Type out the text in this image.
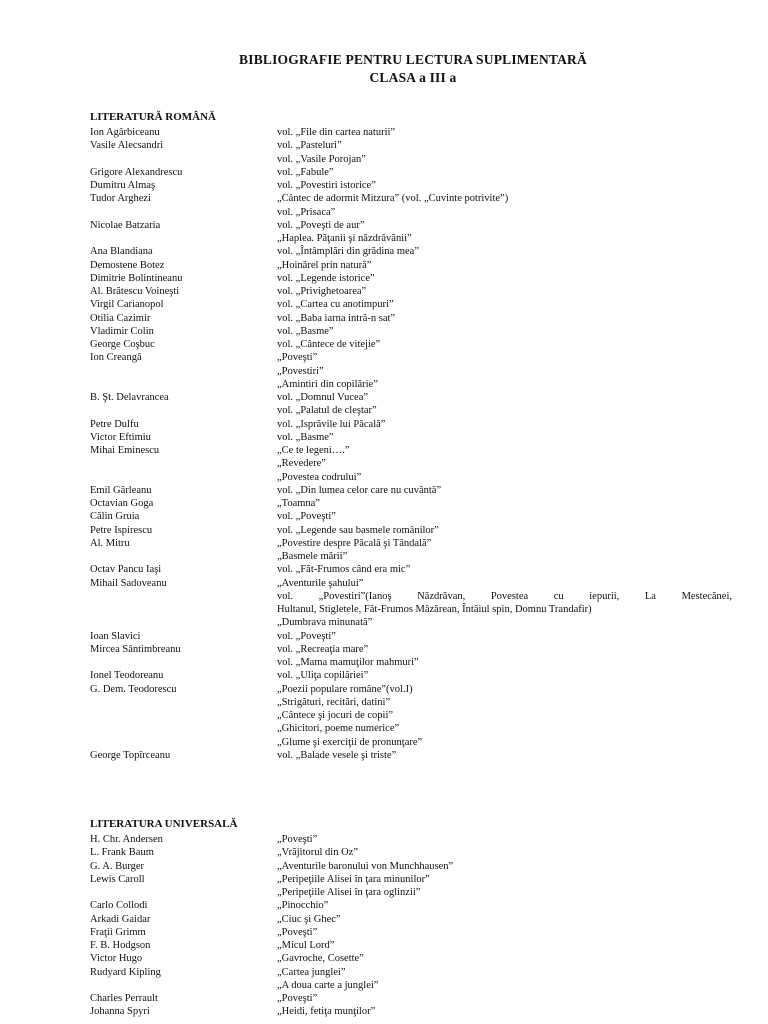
BIBLIOGRAFIE PENTRU LECTURA SUPLIMENTARĂ
CLASA a III a
LITERATURĂ ROMÂNĂ
Ion Agârbiceanu	vol. „File din cartea naturii”
Vasile Alecsandri	vol. „Pasteluri”
vol. „Vasile Porojan”
Grigore Alexandrescu	vol. „Fabule”
Dumitru Almaş	vol. „Povestiri istorice”
Tudor Arghezi	„Cântec de adormit Mitzura” (vol. „Cuvinte potrivite”)
vol. „Prisaca”
Nicolae Batzaria	vol. „Poveşti de aur”
„Haplea. Păţanii şi năzdrăvănii”
Ana Blandiana	vol. „Întâmplări din grădina mea”
Demostene Botez	„Hoinărel prin natură”
Dimitrie Bolintineanu	vol. „Legende istorice”
Al. Brătescu Voineşti	vol. „Privighetoarea”
Virgil Carianopol	vol. „Cartea cu anotimpuri”
Otilia Cazimir	vol. „Baba iarna intră-n sat”
Vladimir Colin	vol. „Basme”
George Coşbuc	vol. „Cântece de vitejie”
Ion Creangă	„Poveşti”
„Povestiri”
„Amintiri din copilărie”
B. Şt. Delavrancea	vol. „Domnul Vucea”
vol. „Palatul de cleştar”
Petre Dulfu	vol. „Isprăvile lui Păcală”
Victor Eftimiu	vol. „Basme”
Mihai Eminescu	„Ce te legeni….”
„Revedere”
„Povestea codrului”
Emil Gârleanu	vol. „Din lumea celor care nu cuvântă”
Octavian Goga	„Toamna”
Călin Gruia	vol. „Poveşti”
Petre Ispirescu	vol. „Legende sau basmele românilor”
Al. Mitru	„Povestire despre Păcală şi Tândală”
„Basmele mării”
Octav Pancu Iaşi	vol. „Făt-Frumos când era mic”
Mihail Sadoveanu	„Aventurile şahului”
vol. „Povestiri”(Ianoş Năzdrăvan, Povestea cu iepurii, La Mestecănei,
Hultanul, Stigletele, Făt-Frumos Mâzărean, Întâiul spin, Domnu Trandafir)
„Dumbrava minunată”
Ioan Slavici	vol. „Poveşti”
Mircea Sântimbreanu	vol. „Recreaţia mare”
vol. „Mama mamuţilor mahmuri”
Ionel Teodoreanu	vol. „Uliţa copilăriei”
G. Dem. Teodorescu	„Poezii populare române”(vol.I)
„Strigături, recitări, datini”
„Cântece şi jocuri de copii”
„Ghicitori, poeme numerice”
„Glume şi exerciţii de pronunţare”
George Topîrceanu	vol. „Balade vesele şi triste”
LITERATURA UNIVERSALĂ
H. Chr. Andersen	„Poveşti”
L. Frank Baum	„Vrăjitorul din Oz”
G. A. Burger	„Aventurile baronului von Munchhausen”
Lewis Caroll	„Peripeţiile Alisei în ţara minunilor”
„Peripeţiile Alisei în ţara oglinzii”
Carlo Collodi	„Pinocchio”
Arkadi Gaidar	„Ciuc şi Ghec”
Fraţii Grimm	„Poveşti”
F. B. Hodgson	„Micul Lord”
Victor Hugo	„Gavroche, Cosette”
Rudyard Kipling	„Cartea junglei”
„A doua carte a junglei”
Charles Perrault	„Poveşti”
Johanna Spyri	„Heidi, fetiţa munţilor”
